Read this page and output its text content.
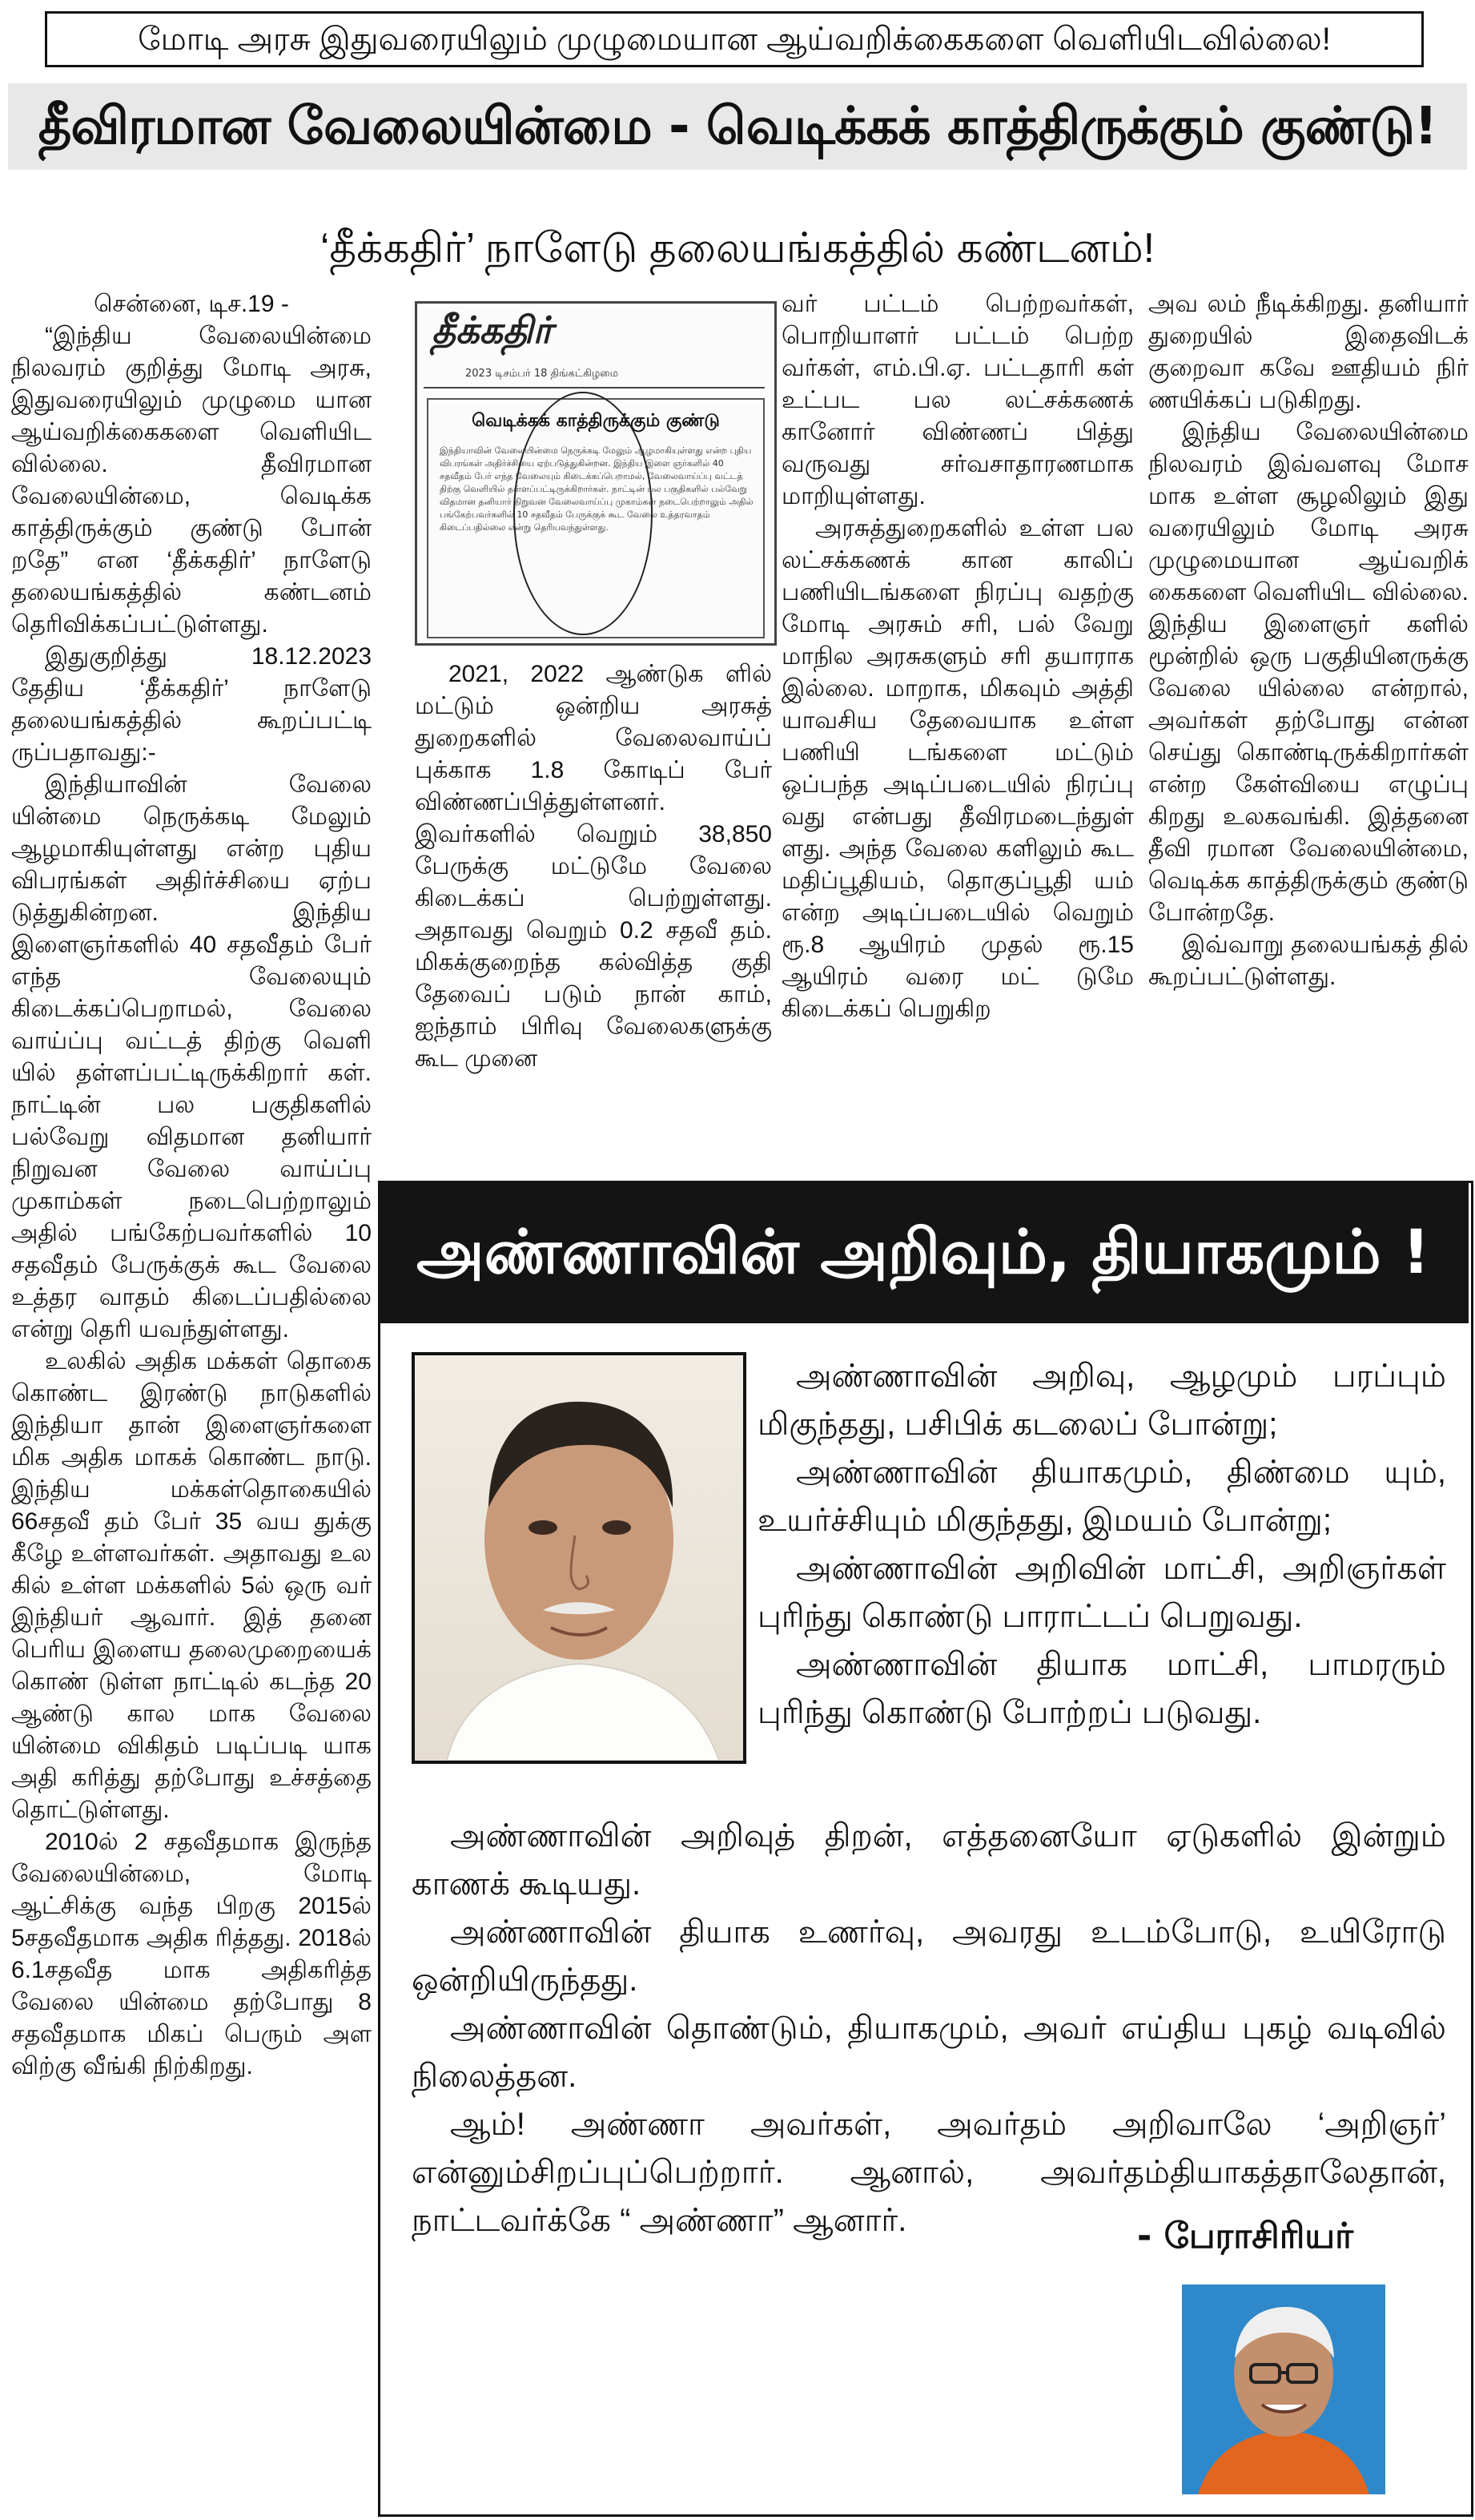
மோடி அரசு இதுவரையிலும் முழுமையான ஆய்வறிக்கைகளை வெளியிடவில்லை!
தீவிரமான வேலையின்மை - வெடிக்கக் காத்திருக்கும் குண்டு!
‘தீக்கதிர்’ நாளேடு தலையங்கத்தில் கண்டனம்!

சென்னை, டிச.19 -

“இந்திய வேலையின்மை நிலவரம் குறித்து மோடி அரசு, இதுவரையிலும் முழுமை யான ஆய்வறிக்கைகளை வெளியிட வில்லை. தீவிரமான வேலையின்மை, வெடிக்க காத்திருக்கும் குண்டு போன் றதே” என ‘தீக்கதிர்’ நாளேடு தலையங்கத்தில் கண்டனம் தெரிவிக்கப்பட்டுள்ளது.

இதுகுறித்து 18.12.2023 தேதிய ‘தீக்கதிர்’ நாளேடு தலையங்கத்தில் கூறப்பட்டி ருப்பதாவது:-

இந்தியாவின் வேலை யின்மை நெருக்கடி மேலும் ஆழமாகியுள்ளது என்ற புதிய விபரங்கள் அதிர்ச்சியை ஏற்ப டுத்துகின்றன. இந்திய இளைஞர்களில் 40 சதவீதம் பேர் எந்த வேலையும் கிடைக்கப்பெறாமல், வேலை வாய்ப்பு வட்டத் திற்கு வெளி யில் தள்ளப்பட்டிருக்கிறார் கள். நாட்டின் பல பகுதிகளில் பல்வேறு விதமான தனியார் நிறுவன வேலை வாய்ப்பு முகாம்கள் நடைபெற்றாலும் அதில் பங்கேற்பவர்களில் 10 சதவீதம் பேருக்குக் கூட வேலை உத்தர வாதம் கிடைப்பதில்லை என்று தெரி யவந்துள்ளது.

உலகில் அதிக மக்கள் தொகை கொண்ட இரண்டு நாடுகளில் இந்தியா தான் இளைஞர்களை மிக அதிக மாகக் கொண்ட நாடு. இந்திய மக்கள்தொகையில் 66சதவீ தம் பேர் 35 வய துக்கு கீழே உள்ளவர்கள். அதாவது உல கில் உள்ள மக்களில் 5ல் ஒரு வர் இந்தியர் ஆவார். இத் தனை பெரிய இளைய தலைமுறையைக் கொண் டுள்ள நாட்டில் கடந்த 20 ஆண்டு கால மாக வேலை யின்மை விகிதம் படிப்படி யாக அதி கரித்து தற்போது உச்சத்தை தொட்டுள்ளது.

2010ல் 2 சதவீதமாக இருந்த வேலையின்மை, மோடி ஆட்சிக்கு வந்த பிறகு 2015ல் 5சதவீதமாக அதிக ரித்தது. 2018ல் 6.1சதவீத மாக அதிகரித்த வேலை யின்மை தற்போது 8 சதவீதமாக மிகப் பெரும் அள விற்கு வீங்கி நிற்கிறது.

தீக்கதிர்
2023 டிசம்பர் 18 திங்கட்கிழமை
வெடிக்கக் காத்திருக்கும் குண்டு
இந்தியாவின் வேலையின்மை நெருக்கடி மேலும் ஆழமாகியுள்ளது என்ற புதிய விபரங்கள் அதிர்ச்சியை ஏற்படுத்துகின்றன. இந்திய இளை ஞர்களில் 40 சதவீதம் பேர் எந்த வேலையும் கிடைக்கப்பெறாமல், வேலைவாய்ப்பு வட்டத் திற்கு வெளியில் தள்ளப்பட்டிருக்கிறார்கள். நாட்டின் பல பகுதிகளில் பல்வேறு விதமான தனியார் நிறுவன வேலைவாய்ப்பு முகாம்கள் நடைபெற்றாலும் அதில் பங்கேற்பவர்களில் 10 சதவீதம் பேருக்குக் கூட வேலை உத்தரவாதம் கிடைப்பதில்லை என்று தெரியவந்துள்ளது.

2021, 2022 ஆண்டுக ளில் மட்டும் ஒன்றிய அரசுத் துறைகளில் வேலைவாய்ப் புக்காக 1.8 கோடிப் பேர் விண்ணப்பித்துள்ளனர். இவர்களில் வெறும் 38,850 பேருக்கு மட்டுமே வேலை கிடைக்கப் பெற்றுள்ளது. அதாவது வெறும் 0.2 சதவீ தம். மிகக்குறைந்த கல்வித்த குதி தேவைப் படும் நான் காம், ஐந்தாம் பிரிவு வேலைகளுக்கு கூட முனை

வர் பட்டம் பெற்றவர்கள், பொறியாளர் பட்டம் பெற்ற வர்கள், எம்.பி.ஏ. பட்டதாரி கள் உட்பட பல லட்சக்கணக் கானோர் விண்ணப் பித்து வருவது சர்வசாதாரணமாக மாறியுள்ளது.

அரசுத்துறைகளில் உள்ள பல லட்சக்கணக் கான காலிப் பணியிடங்களை நிரப்பு வதற்கு மோடி அரசும் சரி, பல் வேறு மாநில அரசுகளும் சரி தயாராக இல்லை. மாறாக, மிகவும் அத்தி யாவசிய தேவையாக உள்ள பணியி டங்களை மட்டும் ஒப்பந்த அடிப்படையில் நிரப்பு வது என்பது தீவிரமடைந்துள் ளது. அந்த வேலை களிலும் கூட மதிப்பூதியம், தொகுப்பூதி யம் என்ற அடிப்படையில் வெறும் ரூ.8 ஆயிரம் முதல் ரூ.15 ஆயிரம் வரை மட் டுமே கிடைக்கப் பெறுகிற

அவ லம் நீடிக்கிறது. தனியார் துறையில் இதைவிடக் குறைவா கவே ஊதியம் நிர் ணயிக்கப் படுகிறது.

இந்திய வேலையின்மை நிலவரம் இவ்வளவு மோச மாக உள்ள சூழலிலும் இது வரையிலும் மோடி அரசு முழுமையான ஆய்வறிக் கைகளை வெளியிட வில்லை. இந்திய இளைஞர் களில் மூன்றில் ஒரு பகுதியினருக்கு வேலை யில்லை என்றால், அவர்கள் தற்போது என்ன செய்து கொண்டிருக்கிறார்கள் என்ற கேள்வியை எழுப்பு கிறது உலகவங்கி. இத்தனை தீவி ரமான வேலையின்மை, வெடிக்க காத்திருக்கும் குண்டு போன்றதே.

இவ்வாறு தலையங்கத் தில் கூறப்பட்டுள்ளது.

அண்ணாவின் அறிவும், தியாகமும் !

அண்ணாவின் அறிவு, ஆழமும் பரப்பும் மிகுந்தது, பசிபிக் கடலைப் போன்று;

அண்ணாவின் தியாகமும், திண்மை யும், உயர்ச்சியும் மிகுந்தது, இமயம் போன்று;

அண்ணாவின் அறிவின் மாட்சி, அறிஞர்கள் புரிந்து கொண்டு பாராட்டப் பெறுவது.

அண்ணாவின் தியாக மாட்சி, பாமரரும் புரிந்து கொண்டு போற்றப் படுவது.

அண்ணாவின் அறிவுத் திறன், எத்தனையோ ஏடுகளில் இன்றும் காணக் கூடியது.

அண்ணாவின் தியாக உணர்வு, அவரது உடம்போடு, உயிரோடு ஒன்றியிருந்தது.

அண்ணாவின் தொண்டும், தியாகமும், அவர் எய்திய புகழ் வடிவில் நிலைத்தன.

ஆம்! அண்ணா அவர்கள், அவர்தம் அறிவாலே ‘அறிஞர்’ என்னும்சிறப்புப்பெற்றார். ஆனால், அவர்தம்தியாகத்தாலேதான், நாட்டவர்க்கே “ அண்ணா” ஆனார்.	- பேராசிரியர்
